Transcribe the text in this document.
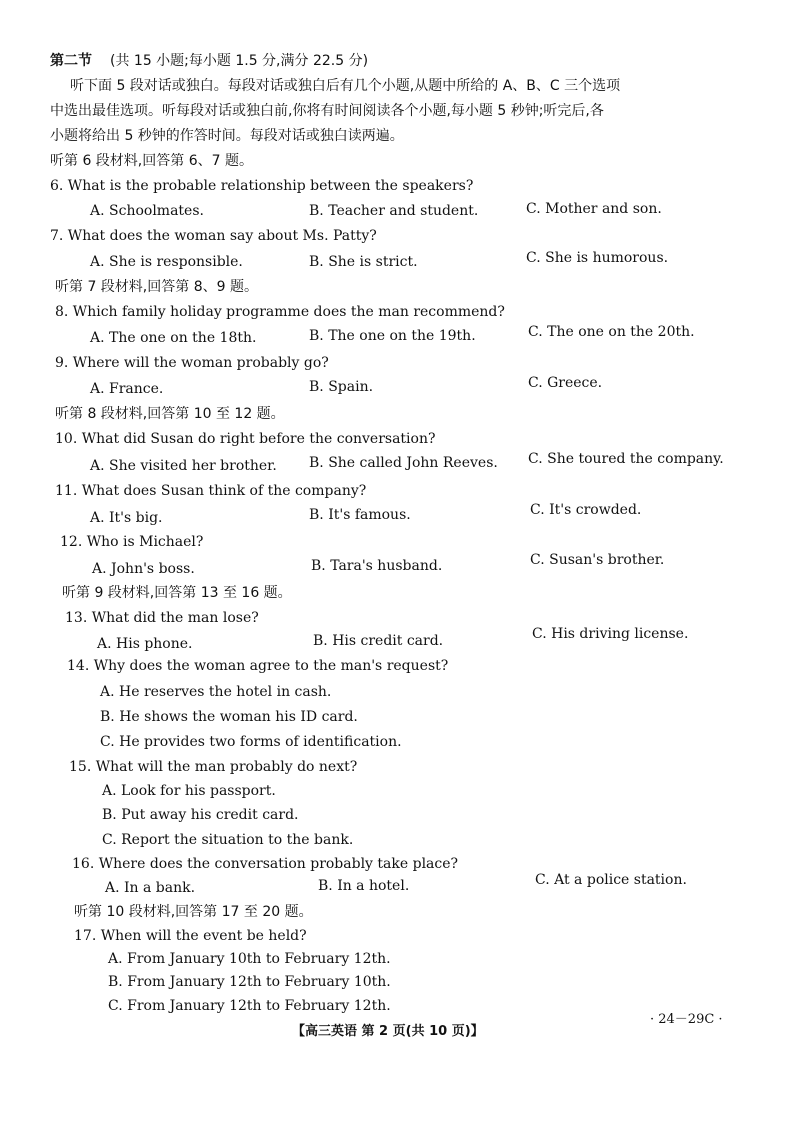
第二节 (共 15 小题;每小题 1.5 分,满分 22.5 分)
听下面 5 段对话或独白。每段对话或独白后有几个小题,从题中所给的 A、B、C 三个选项
中选出最佳选项。听每段对话或独白前,你将有时间阅读各个小题,每小题 5 秒钟;听完后,各
小题将给出 5 秒钟的作答时间。每段对话或独白读两遍。
听第 6 段材料,回答第 6、7 题。
6. What is the probable relationship between the speakers?
A. Schoolmates.	B. Teacher and student.	C. Mother and son.
7. What does the woman say about Ms. Patty?
A. She is responsible.	B. She is strict.	C. She is humorous.
听第 7 段材料,回答第 8、9 题。
8. Which family holiday programme does the man recommend?
A. The one on the 18th.	B. The one on the 19th.	C. The one on the 20th.
9. Where will the woman probably go?
A. France.	B. Spain.	C. Greece.
听第 8 段材料,回答第 10 至 12 题。
10. What did Susan do right before the conversation?
A. She visited her brother. B. She called John Reeves. C. She toured the company.
11. What does Susan think of the company?
A. It's big.	B. It's famous.	C. It's crowded.
12. Who is Michael?
A. John's boss.	B. Tara's husband.	C. Susan's brother.
听第 9 段材料,回答第 13 至 16 题。
13. What did the man lose?
A. His phone.	B. His credit card.	C. His driving license.
14. Why does the woman agree to the man's request?
A. He reserves the hotel in cash.
B. He shows the woman his ID card.
C. He provides two forms of identification.
15. What will the man probably do next?
A. Look for his passport.
B. Put away his credit card.
C. Report the situation to the bank.
16. Where does the conversation probably take place?
A. In a bank.	B. In a hotel.	C. At a police station.
听第 10 段材料,回答第 17 至 20 题。
17. When will the event be held?
A. From January 10th to February 12th.
B. From January 12th to February 10th.
C. From January 12th to February 12th.
【高三英语 第 2 页(共 10 页)】
· 24－29C ·
